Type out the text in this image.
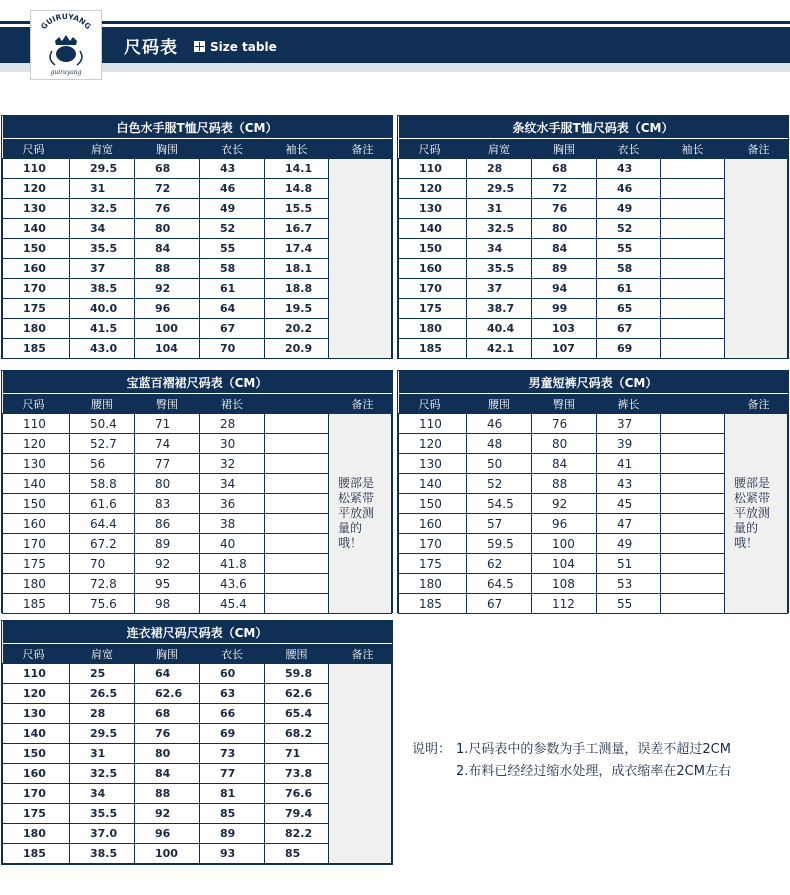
GUIRUYANG
guiruyang
尺码表	Size table
白色水手服T恤尺码表（CM）					
尺码	肩宽	胸围	衣长	袖长	备注
110	29.5	68	43	14.1	
120	31	72	46	14.8	
130	32.5	76	49	15.5	
140	34	80	52	16.7	
150	35.5	84	55	17.4	
160	37	88	58	18.1	
170	38.5	92	61	18.8	
175	40.0	96	64	19.5	
180	41.5	100	67	20.2	
185	43.0	104	70	20.9	
条纹水手服T恤尺码表（CM）					
尺码	肩宽	胸围	衣长	袖长	备注
110	28	68	43		
120	29.5	72	46		
130	31	76	49		
140	32.5	80	52		
150	34	84	55		
160	35.5	89	58		
170	37	94	61		
175	38.7	99	65		
180	40.4	103	67		
185	42.1	107	69		
宝蓝百褶裙尺码表（CM）					
尺码	腰围	臀围	裙长		备注
110	50.4	71	28		腰部是松紧带平放测量的哦！
120	52.7	74	30		
130	56	77	32		
140	58.8	80	34		
150	61.6	83	36		
160	64.4	86	38		
170	67.2	89	40		
175	70	92	41.8		
180	72.8	95	43.6		
185	75.6	98	45.4		
男童短裤尺码表（CM）					
尺码	腰围	臀围	裤长		备注
110	46	76	37		腰部是松紧带平放测量的哦！
120	48	80	39		
130	50	84	41		
140	52	88	43		
150	54.5	92	45		
160	57	96	47		
170	59.5	100	49		
175	62	104	51		
180	64.5	108	53		
185	67	112	55		
连衣裙尺码尺码表（CM）					
尺码	肩宽	胸围	衣长	腰围	备注
110	25	64	60	59.8	
120	26.5	62.6	63	62.6	
130	28	68	66	65.4	
140	29.5	76	69	68.2	
150	31	80	73	71	
160	32.5	84	77	73.8	
170	34	88	81	76.6	
175	35.5	92	85	79.4	
180	37.0	96	89	82.2	
185	38.5	100	93	85	
说明： 1.尺码表中的参数为手工测量，误差不超过2CM
2.布料已经经过缩水处理，成衣缩率在2CM左右
